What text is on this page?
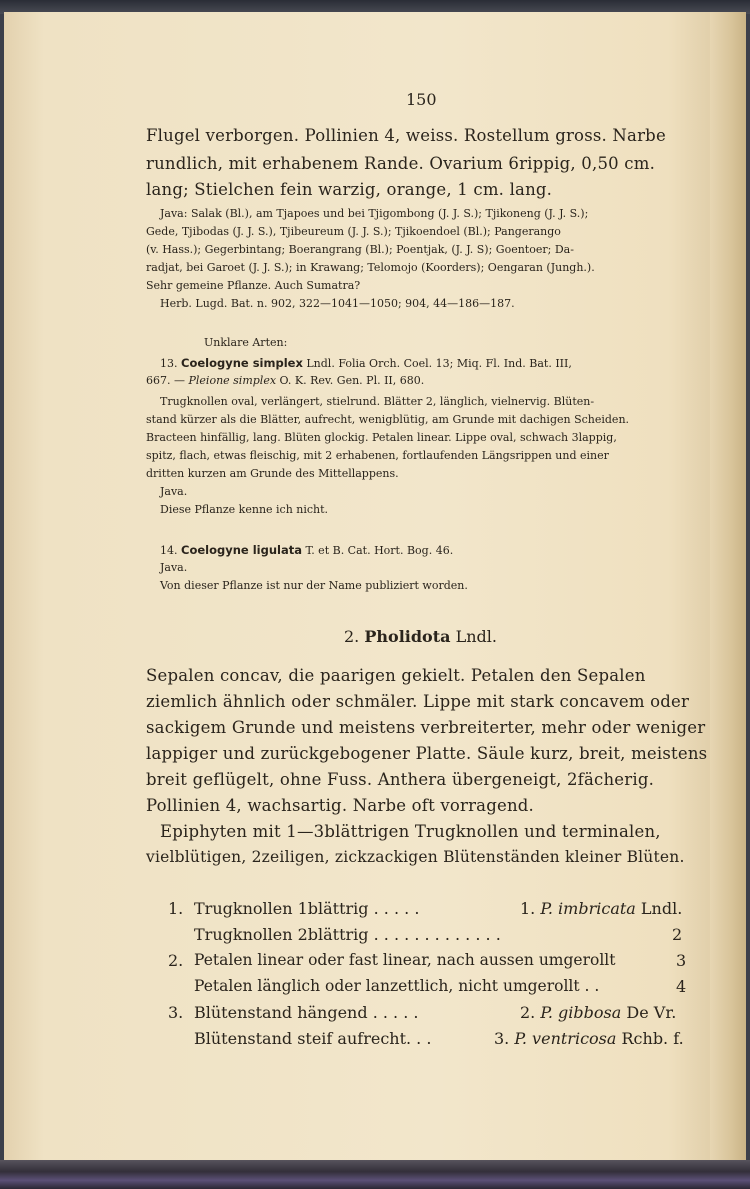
150
Flugel verborgen. Pollinien 4, weiss. Rostellum gross. Narbe
rundlich, mit erhabenem Rande. Ovarium 6rippig, 0,50 cm.
lang; Stielchen fein warzig, orange, 1 cm. lang.
Java: Salak (Bl.), am Tjapoes und bei Tjigombong (J. J. S.); Tjikoneng (J. J. S.);
Gede, Tjibodas (J. J. S.), Tjibeureum (J. J. S.); Tjikoendoel (Bl.); Pangerango
(v. Hass.); Gegerbintang; Boerangrang (Bl.); Poentjak, (J. J. S); Goentoer; Da-
radjat, bei Garoet (J. J. S.); in Krawang; Telomojo (Koorders); Oengaran (Jungh.).
Sehr gemeine Pflanze. Auch Sumatra?
Herb. Lugd. Bat. n. 902, 322—1041—1050; 904, 44—186—187.
Unklare Arten:
13. Coelogyne simplex Lndl. Folia Orch. Coel. 13; Miq. Fl. Ind. Bat. III,
667. — Pleione simplex O. K. Rev. Gen. Pl. II, 680.
Trugknollen oval, verlängert, stielrund. Blätter 2, länglich, vielnervig. Blüten-
stand kürzer als die Blätter, aufrecht, wenigblütig, am Grunde mit dachigen Scheiden.
Bracteen hinfällig, lang. Blüten glockig. Petalen linear. Lippe oval, schwach 3lappig,
spitz, flach, etwas fleischig, mit 2 erhabenen, fortlaufenden Längsrippen und einer
dritten kurzen am Grunde des Mittellappens.
Java.
Diese Pflanze kenne ich nicht.
14. Coelogyne ligulata T. et B. Cat. Hort. Bog. 46.
Java.
Von dieser Pflanze ist nur der Name publiziert worden.
2. Pholidota Lndl.
Sepalen concav, die paarigen gekielt. Petalen den Sepalen
ziemlich ähnlich oder schmäler. Lippe mit stark concavem oder
sackigem Grunde und meistens verbreiterter, mehr oder weniger
lappiger und zurückgebogener Platte. Säule kurz, breit, meistens
breit geflügelt, ohne Fuss. Anthera übergeneigt, 2fächerig.
Pollinien 4, wachsartig. Narbe oft vorragend.
Epiphyten mit 1—3blättrigen Trugknollen und terminalen,
vielblütigen, 2zeiligen, zickzackigen Blütenständen kleiner Blüten.
1. Trugknollen 1blättrig . . . . .	1. P. imbricata Lndl.
Trugknollen 2blättrig . . . . . . . . . . . . .	2
2. Petalen linear oder fast linear, nach aussen umgerollt	3
Petalen länglich oder lanzettlich, nicht umgerollt . .	4
3. Blütenstand hängend . . . . .	2. P. gibbosa De Vr.
Blütenstand steif aufrecht. . .	3. P. ventricosa Rchb. f.
